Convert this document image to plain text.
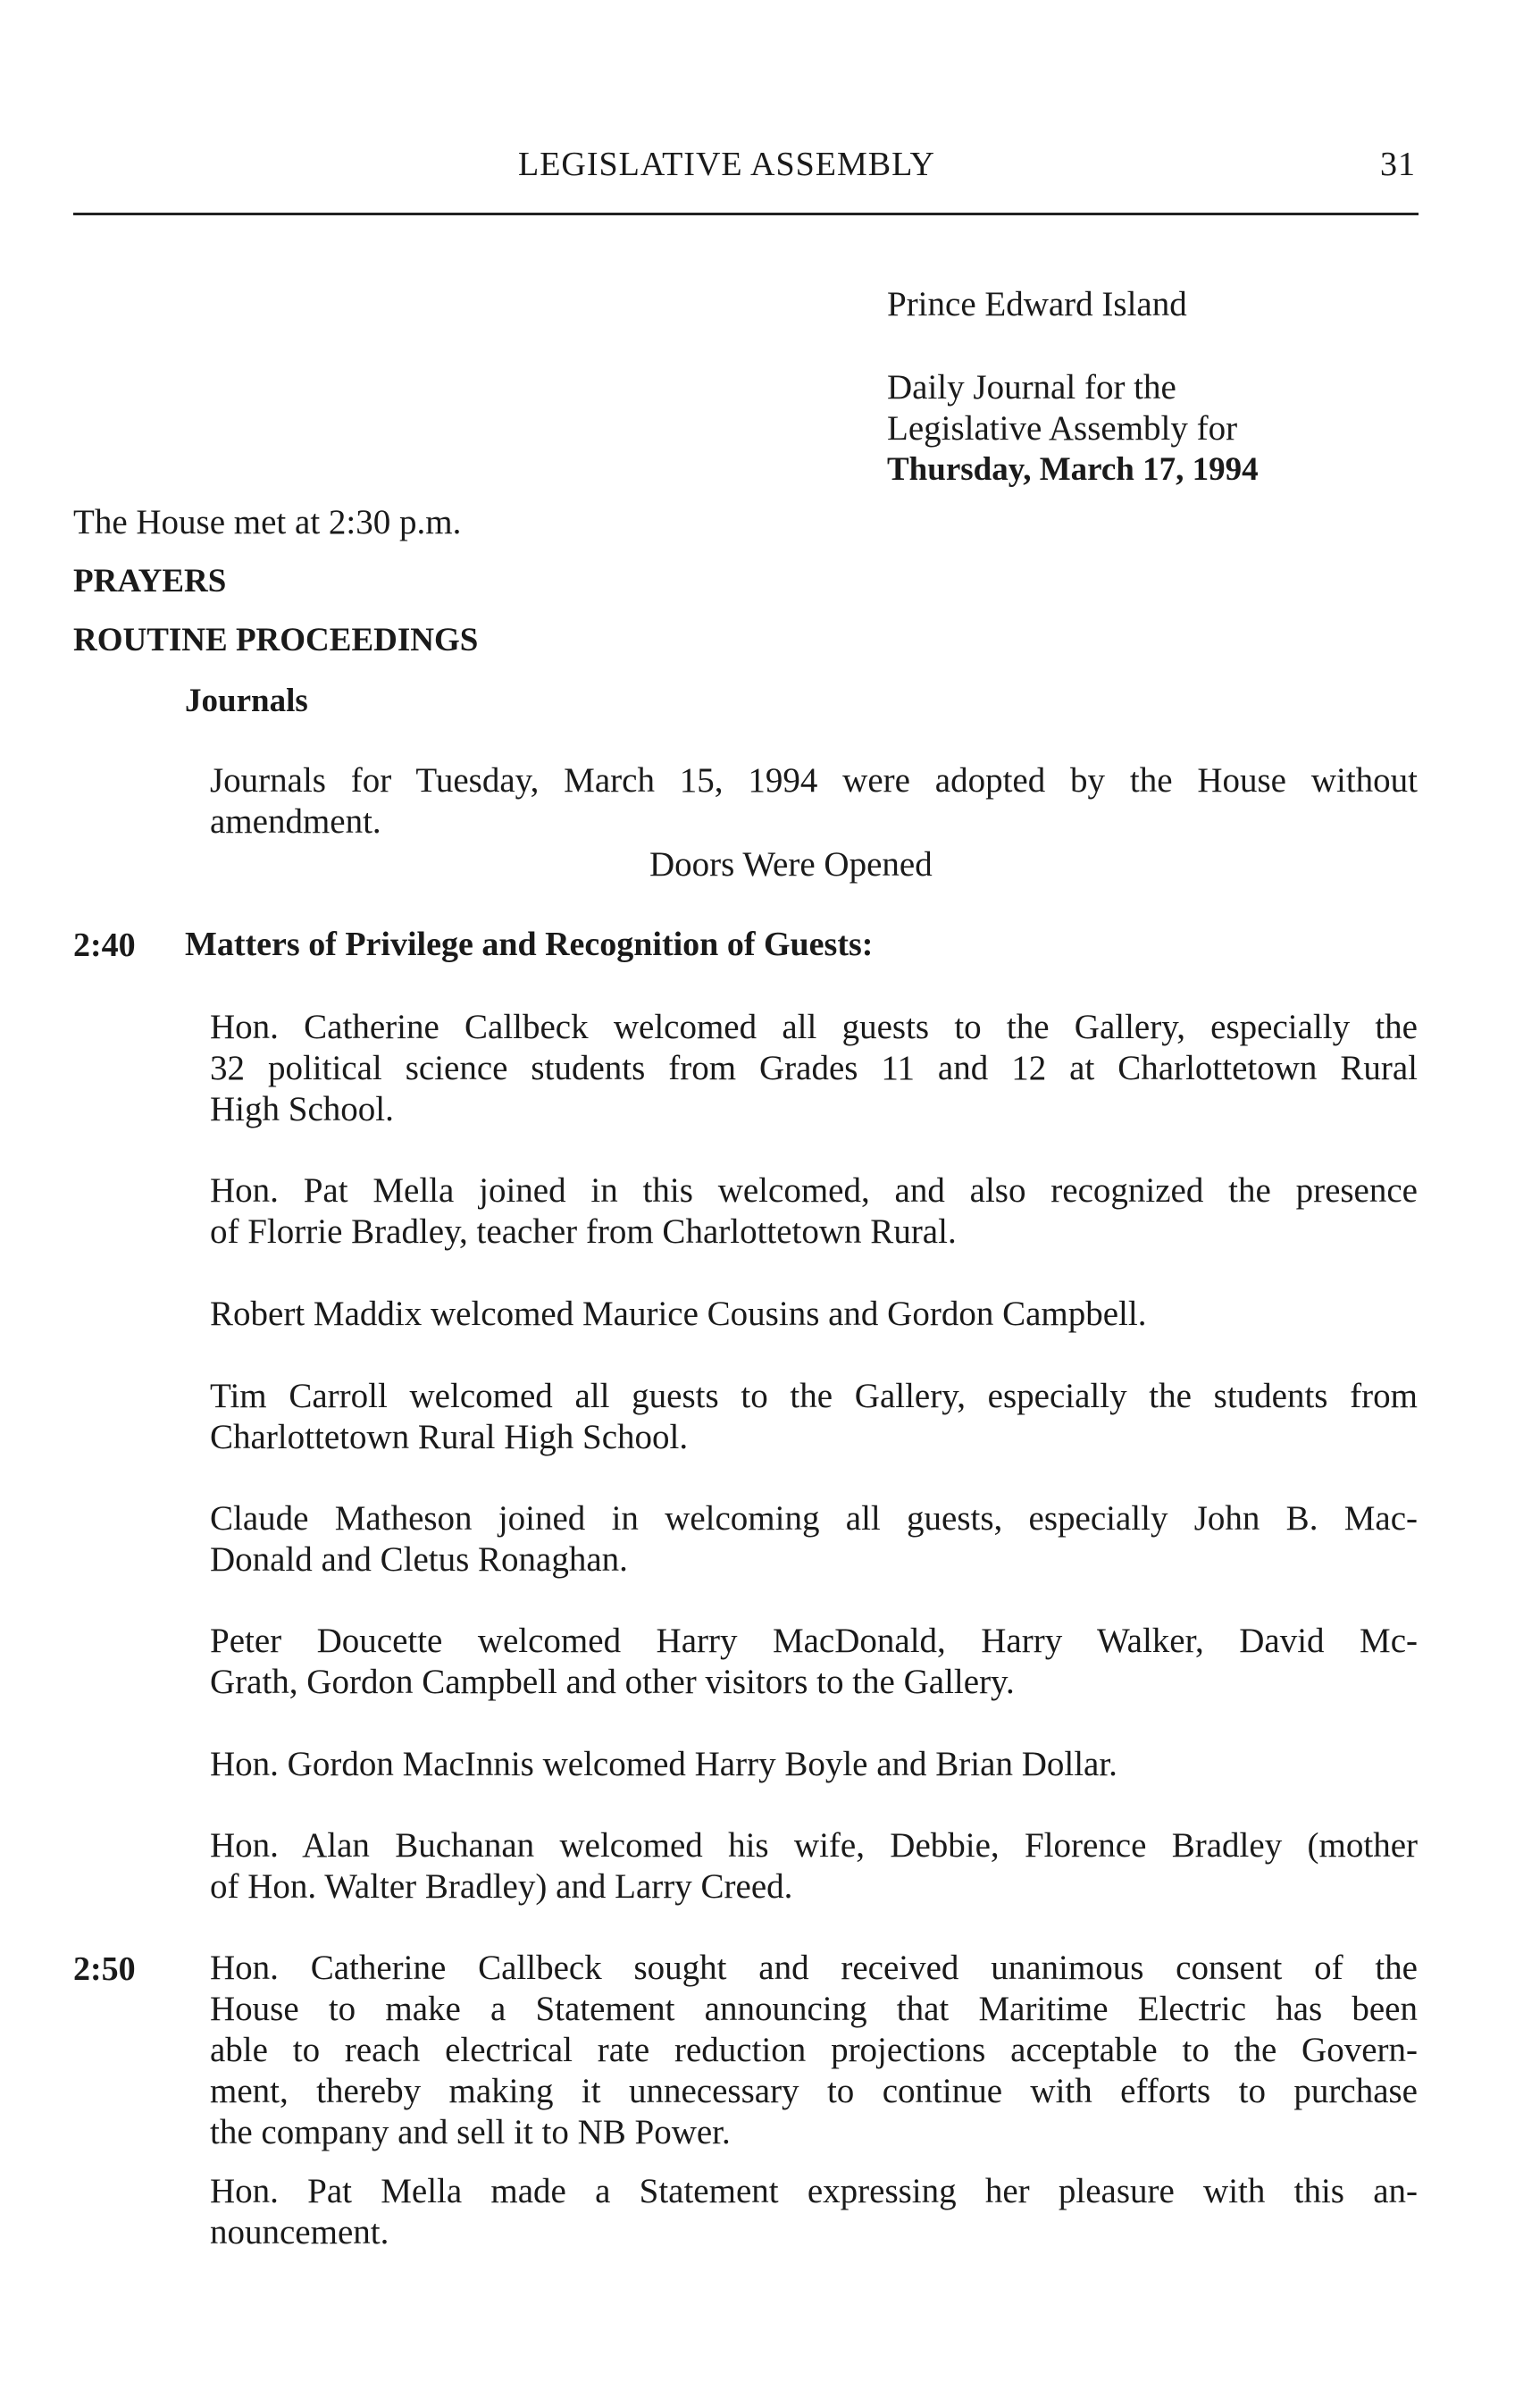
LEGISLATIVE ASSEMBLY	31
Prince Edward Island
Daily Journal for the
Legislative Assembly for
Thursday, March 17, 1994
The House met at 2:30 p.m.
PRAYERS
ROUTINE PROCEEDINGS
Journals
Journals for Tuesday, March 15, 1994 were adopted by the House without
amendment.
Doors Were Opened
2:40 Matters of Privilege and Recognition of Guests:
Hon. Catherine Callbeck welcomed all guests to the Gallery, especially the
32 political science students from Grades 11 and 12 at Charlottetown Rural
High School.
Hon. Pat Mella joined in this welcomed, and also recognized the presence
of Florrie Bradley, teacher from Charlottetown Rural.
Robert Maddix welcomed Maurice Cousins and Gordon Campbell.
Tim Carroll welcomed all guests to the Gallery, especially the students from
Charlottetown Rural High School.
Claude Matheson joined in welcoming all guests, especially John B. Mac-
Donald and Cletus Ronaghan.
Peter Doucette welcomed Harry MacDonald, Harry Walker, David Mc-
Grath, Gordon Campbell and other visitors to the Gallery.
Hon. Gordon MacInnis welcomed Harry Boyle and Brian Dollar.
Hon. Alan Buchanan welcomed his wife, Debbie, Florence Bradley (mother
of Hon. Walter Bradley) and Larry Creed.
2:50 Hon. Catherine Callbeck sought and received unanimous consent of the
House to make a Statement announcing that Maritime Electric has been
able to reach electrical rate reduction projections acceptable to the Govern-
ment, thereby making it unnecessary to continue with efforts to purchase
the company and sell it to NB Power.
Hon. Pat Mella made a Statement expressing her pleasure with this an-
nouncement.
